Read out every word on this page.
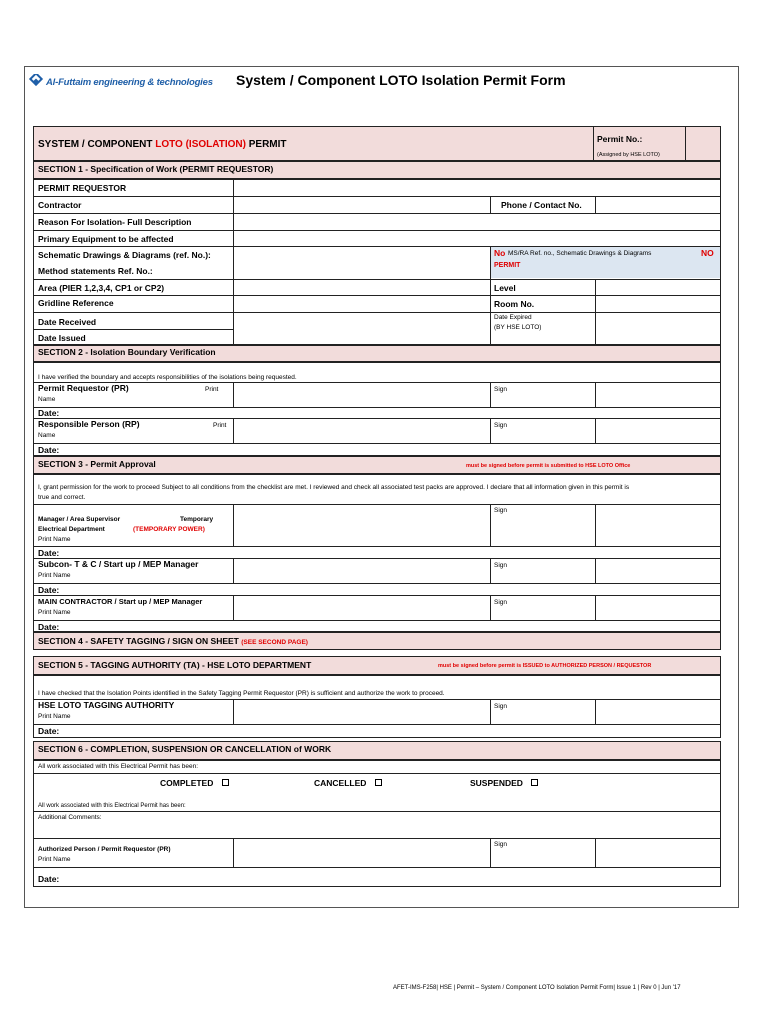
Al-Futtaim engineering & technologies System / Component LOTO Isolation Permit Form
SYSTEM / COMPONENT LOTO (ISOLATION) PERMIT	Permit No.:
(Assigned by HSE LOTO)
SECTION 1 - Specification of Work (PERMIT REQUESTOR)
PERMIT REQUESTOR
Contractor	Phone / Contact No.
Reason For Isolation- Full Description
Primary Equipment to be affected
Schematic Drawings & Diagrams (ref. No.):
Method statements Ref. No.:
No MS/RA Ref. no., Schematic Drawings & Diagrams	NO
PERMIT
Area (PIER 1,2,3,4, CP1 or CP2)	Level
Gridline Reference	Room No.
Date Received	Date Expired
(BY HSE LOTO)
Date Issued
SECTION 2 - Isolation Boundary Verification
I have verified the boundary and accepts responsibilities of the isolations being requested.
Permit Requestor (PR)	Print
Name
Sign
Date:
Responsible Person (RP)	Print
Name
Sign
Date:
SECTION 3 - Permit Approval	must be signed before permit is submitted to HSE LOTO Office
I, grant permission for the work to proceed Subject to all conditions from the checklist are met. I reviewed and check all associated test packs are approved. I declare that all information given in this permit is
true and correct.
Manager / Area Supervisor	Temporary
Electrical Department	(TEMPORARY POWER)
Print Name
Sign
Date:
Subcon- T & C / Start up / MEP Manager
Print Name
Sign
Date:
MAIN CONTRACTOR / Start up / MEP Manager
Print Name
Sign
Date:
SECTION 4 - SAFETY TAGGING / SIGN ON SHEET (SEE SECOND PAGE)
SECTION 5 - TAGGING AUTHORITY (TA) - HSE LOTO DEPARTMENT	must be signed before permit is ISSUED to AUTHORIZED PERSON / REQUESTOR
I have checked that the Isolation Points identified in the Safety Tagging Permit Requestor (PR) is sufficient and authorize the work to proceed.
HSE LOTO TAGGING AUTHORITY
Print Name
Sign
Date:
SECTION 6 - COMPLETION, SUSPENSION OR CANCELLATION of WORK
All work associated with this Electrical Permit has been:
COMPLETED	CANCELLED	SUSPENDED
All work associated with this Electrical Permit has been:
Additional Comments:
Authorized Person / Permit Requestor (PR)
Print Name
Sign
Date:
AFET-IMS-F258| HSE | Permit – System / Component LOTO Isolation Permit Form| Issue 1 | Rev 0 | Jun '17
